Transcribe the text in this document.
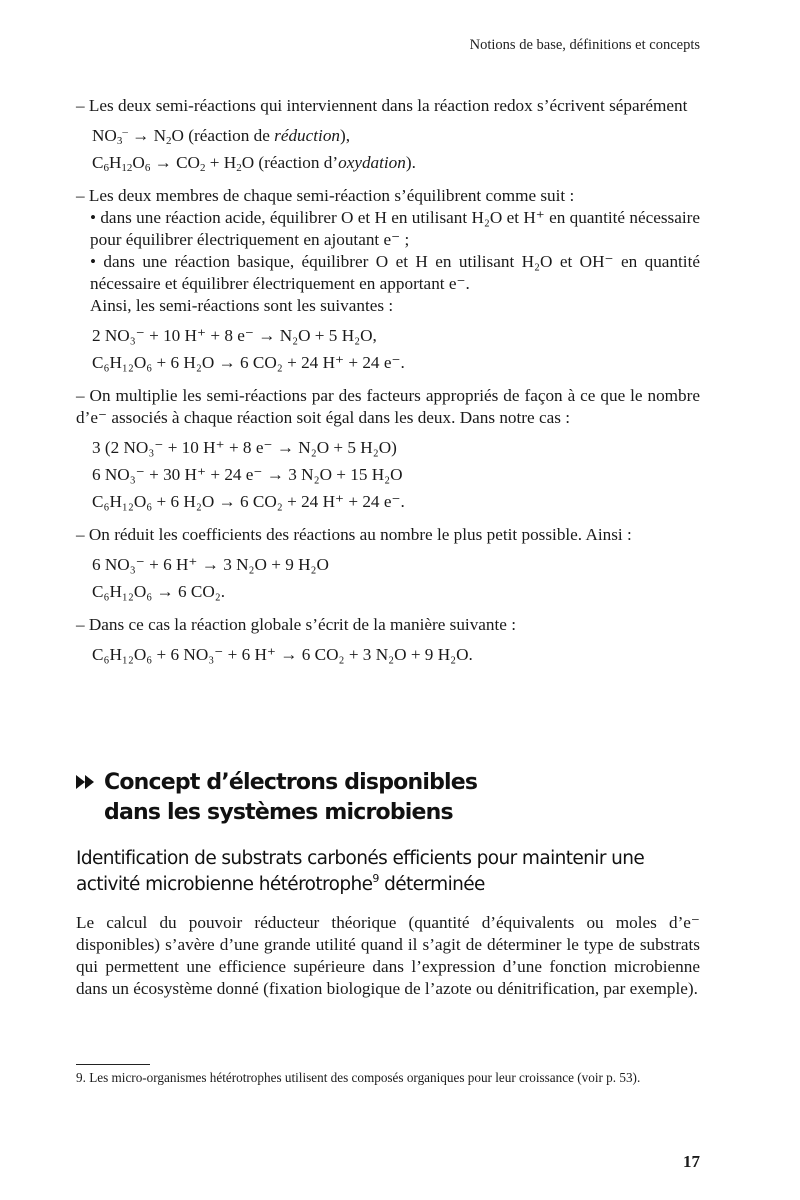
Notions de base, définitions et concepts

– Les deux semi-réactions qui interviennent dans la réaction redox s’écrivent séparément

$NO_3^- \to N_2O$ (réaction de réduction),
$C_6H_{12}O_6 \to CO_2 + H_2O$ (réaction d’oxydation).

– Les deux membres de chaque semi-réaction s’équilibrent comme suit :

• dans une réaction acide, équilibrer O et H en utilisant H₂O et H⁺ en quantité nécessaire pour équilibrer électriquement en ajoutant e⁻ ;
• dans une réaction basique, équilibrer O et H en utilisant H₂O et OH⁻ en quantité nécessaire et équilibrer électriquement en apportant e⁻.
Ainsi, les semi-réactions sont les suivantes :
2 NO₃⁻ + 10 H⁺ + 8 e⁻ → N₂O + 5 H₂O,
C₆H₁₂O₆ + 6 H₂O → 6 CO₂ + 24 H⁺ + 24 e⁻.

– On multiplie les semi-réactions par des facteurs appropriés de façon à ce que le nombre d’e⁻ associés à chaque réaction soit égal dans les deux. Dans notre cas :

3 (2 NO₃⁻ + 10 H⁺ + 8 e⁻ → N₂O + 5 H₂O)
6 NO₃⁻ + 30 H⁺ + 24 e⁻ → 3 N₂O + 15 H₂O
C₆H₁₂O₆ + 6 H₂O → 6 CO₂ + 24 H⁺ + 24 e⁻.

– On réduit les coefficients des réactions au nombre le plus petit possible. Ainsi :

6 NO₃⁻ + 6 H⁺ → 3 N₂O + 9 H₂O
C₆H₁₂O₆ → 6 CO₂.

– Dans ce cas la réaction globale s’écrit de la manière suivante :

C₆H₁₂O₆ + 6 NO₃⁻ + 6 H⁺ → 6 CO₂ + 3 N₂O + 9 H₂O.
Concept d’électrons disponibles
dans les systèmes microbiens
Identification de substrats carbonés efficients pour maintenir une activité microbienne hétérotrophe$^9$ déterminée
Le calcul du pouvoir réducteur théorique (quantité d’équivalents ou moles d’e⁻ disponibles) s’avère d’une grande utilité quand il s’agit de déterminer le type de substrats qui permettent une efficience supérieure dans l’expression d’une fonction microbienne dans un écosystème donné (fixation biologique de l’azote ou dénitrification, par exemple).
9. Les micro-organismes hétérotrophes utilisent des composés organiques pour leur croissance (voir p. 53).
17
